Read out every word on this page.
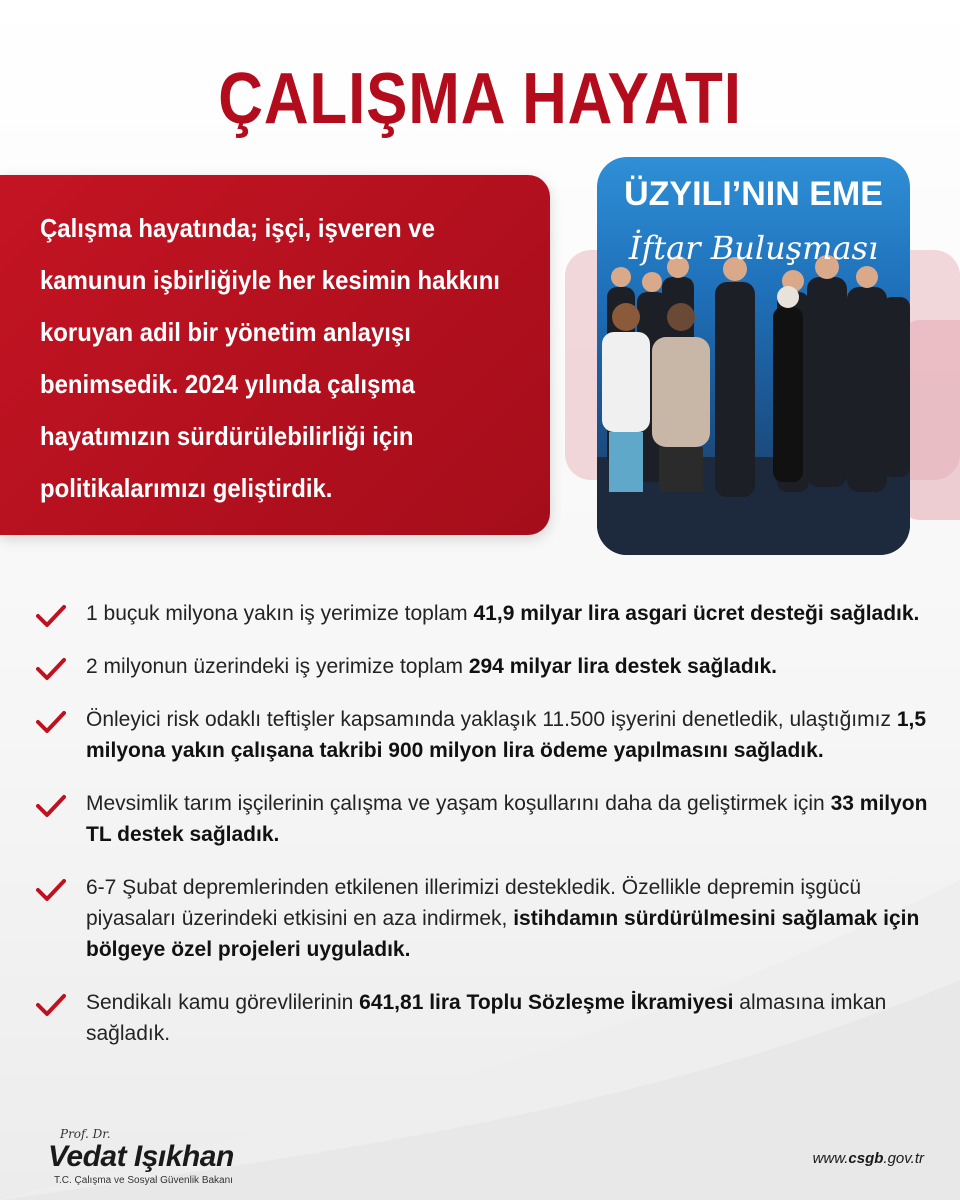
ÇALIŞMA HAYATI
Çalışma hayatında; işçi, işveren ve kamunun işbirliğiyle her kesimin hakkını koruyan adil bir yönetim anlayışı benimsedik. 2024 yılında çalışma hayatımızın sürdürülebilirliği için politikalarımızı geliştirdik.
ÜZYILI’NIN EME
İftar Buluşması
1 buçuk milyona yakın iş yerimize toplam 41,9 milyar lira asgari ücret desteği sağladık.
2 milyonun üzerindeki iş yerimize toplam 294 milyar lira destek sağladık.
Önleyici risk odaklı teftişler kapsamında yaklaşık 11.500 işyerini denetledik, ulaştığımız 1,5 milyona yakın çalışana takribi 900 milyon lira ödeme yapılmasını sağladık.
Mevsimlik tarım işçilerinin çalışma ve yaşam koşullarını daha da geliştirmek için 33 milyon TL destek sağladık.
6-7 Şubat depremlerinden etkilenen illerimizi destekledik. Özellikle depremin işgücü piyasaları üzerindeki etkisini en aza indirmek, istihdamın sürdürülmesini sağlamak için bölgeye özel projeleri uyguladık.
Sendikalı kamu görevlilerinin 641,81 lira Toplu Sözleşme İkramiyesi almasına imkan sağladık.
Prof. Dr.
Vedat Işıkhan
T.C. Çalışma ve Sosyal Güvenlik Bakanı
www.csgb.gov.tr
